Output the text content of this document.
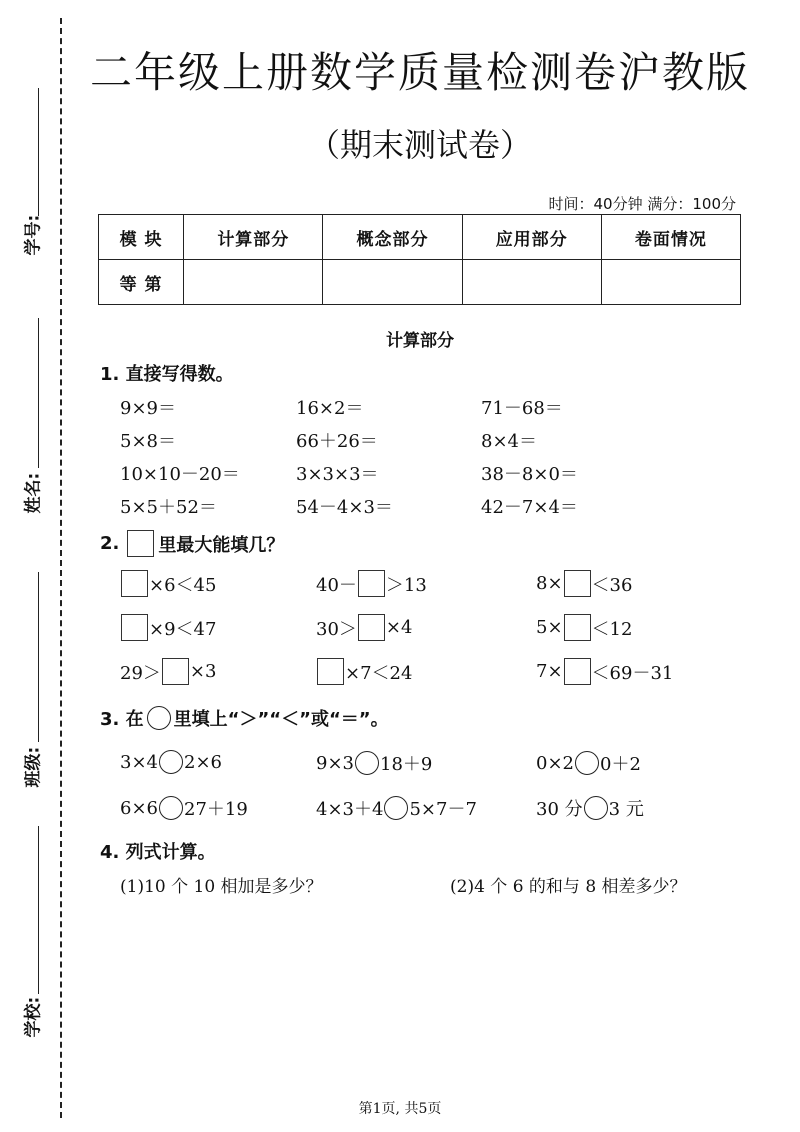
学号:
姓名:
班级:
学校:
二年级上册数学质量检测卷沪教版
（期末测试卷）
时间：40分钟 满分：100分
模 块	计算部分	概念部分	应用部分	卷面情况
等 第				
计算部分
1. 直接写得数。
9×9＝	16×2＝	71－68＝
5×8＝	66＋26＝	8×4＝
10×10－20＝	3×3×3＝	38－8×0＝
5×5＋52＝	54－4×3＝	42－7×4＝
2. 里最大能填几？
×6＜45	40－ ＞13	8× ＜36
×9＜47	30＞ ×4	5× ＜12
29＞ ×3	×7＜24	7× ＜69－31
3. 在 里填上“＞”“＜”或“＝”。
3×4 2×6	9×3 18＋9	0×2 0＋2
6×6 27＋19	4×3＋4 5×7－7	30 分 3 元
4. 列式计算。
(1)10 个 10 相加是多少？	(2)4 个 6 的和与 8 相差多少？
第1页, 共5页
